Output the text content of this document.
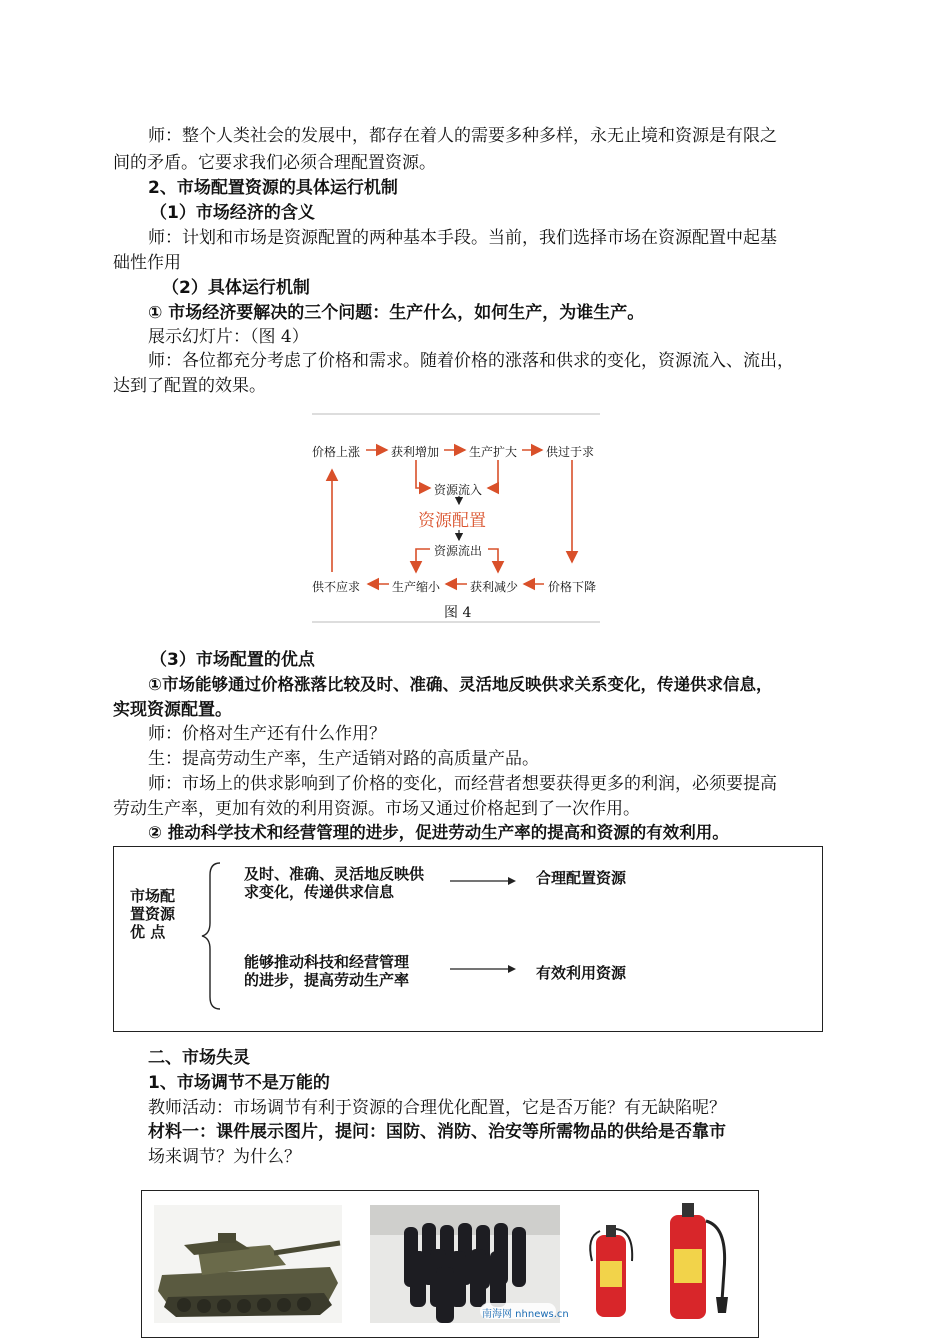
师：整个人类社会的发展中，都存在着人的需要多种多样，永无止境和资源是有限之
间的矛盾。它要求我们必须合理配置资源。
2、市场配置资源的具体运行机制
（1）市场经济的含义
师：计划和市场是资源配置的两种基本手段。当前，我们选择市场在资源配置中起基
础性作用
（2）具体运行机制
① 市场经济要解决的三个问题：生产什么，如何生产，为谁生产。
展示幻灯片：（图 4）
师：各位都充分考虑了价格和需求。随着价格的涨落和供求的变化，资源流入、流出，
达到了配置的效果。
价格上涨	获利增加 生产扩大 供过于求
资源流入
资源配置
资源流出
供不应求	生产缩小 获利减少 价格下降
图 4
（3）市场配置的优点
①市场能够通过价格涨落比较及时、准确、灵活地反映供求关系变化，传递供求信息，
实现资源配置。
师：价格对生产还有什么作用？
生：提高劳动生产率，生产适销对路的高质量产品。
师：市场上的供求影响到了价格的变化，而经营者想要获得更多的利润，必须要提高
劳动生产率，更加有效的利用资源。市场又通过价格起到了一次作用。
② 推动科学技术和经营管理的进步，促进劳动生产率的提高和资源的有效利用。
市场配
置资源
优 点
及时、准确、灵活地反映供
求变化，传递供求信息
合理配置资源
能够推动科技和经营管理
的进步，提高劳动生产率	有效利用资源
二、市场失灵
1、市场调节不是万能的
教师活动：市场调节有利于资源的合理优化配置，它是否万能？有无缺陷呢？
材料一：课件展示图片，提问：国防、消防、治安等所需物品的供给是否靠市
场来调节？为什么？
南海网 nhnews.cn
